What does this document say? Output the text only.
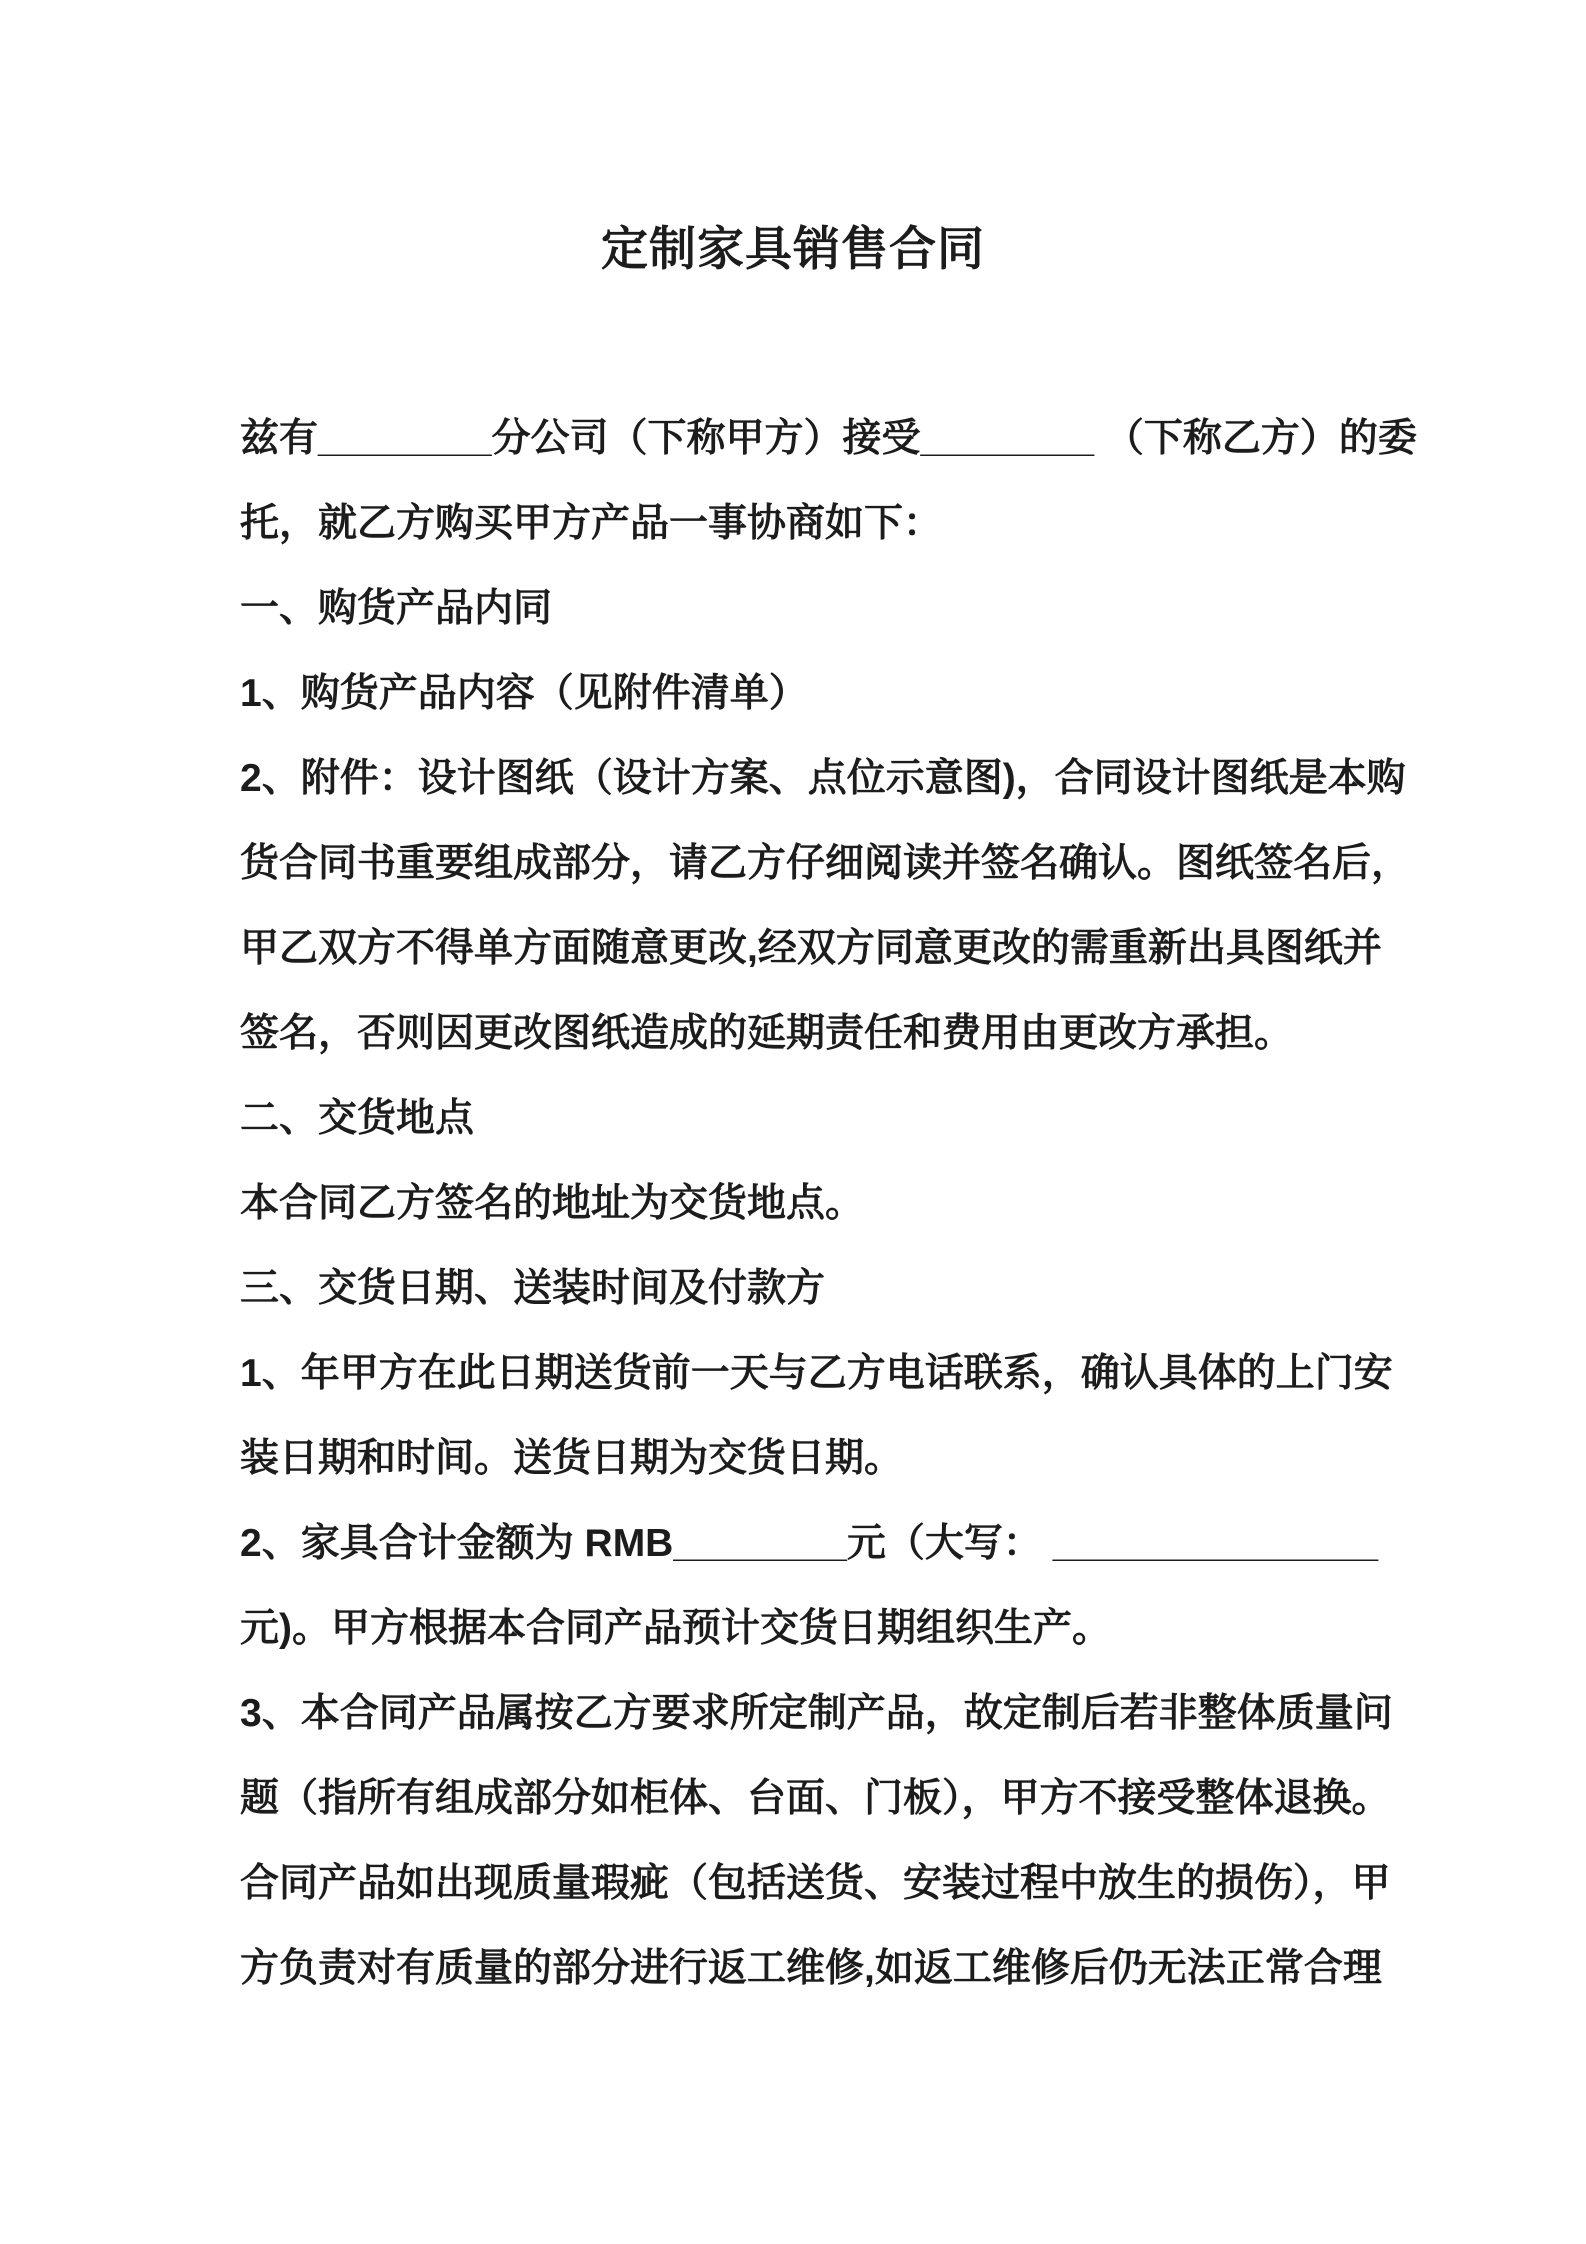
定制家具销售合同
兹有________分公司（下称甲方）接受________ （下称乙方）的委
托，就乙方购买甲方产品一事协商如下：
一、购货产品内同
1、购货产品内容（见附件清单）
2、附件：设计图纸（设计方案、点位示意图)，合同设计图纸是本购
货合同书重要组成部分，请乙方仔细阅读并签名确认。图纸签名后，
甲乙双方不得单方面随意更改,经双方同意更改的需重新出具图纸并
签名，否则因更改图纸造成的延期责任和费用由更改方承担。
二、交货地点
本合同乙方签名的地址为交货地点。
三、交货日期、送装时间及付款方
1、年甲方在此日期送货前一天与乙方电话联系，确认具体的上门安
装日期和时间。送货日期为交货日期。
2、家具合计金额为 RMB________元（大写： _______________
元)。甲方根据本合同产品预计交货日期组织生产。
3、本合同产品属按乙方要求所定制产品，故定制后若非整体质量问
题（指所有组成部分如柜体、台面、门板），甲方不接受整体退换。
合同产品如出现质量瑕疵（包括送货、安装过程中放生的损伤），甲
方负责对有质量的部分进行返工维修,如返工维修后仍无法正常合理
